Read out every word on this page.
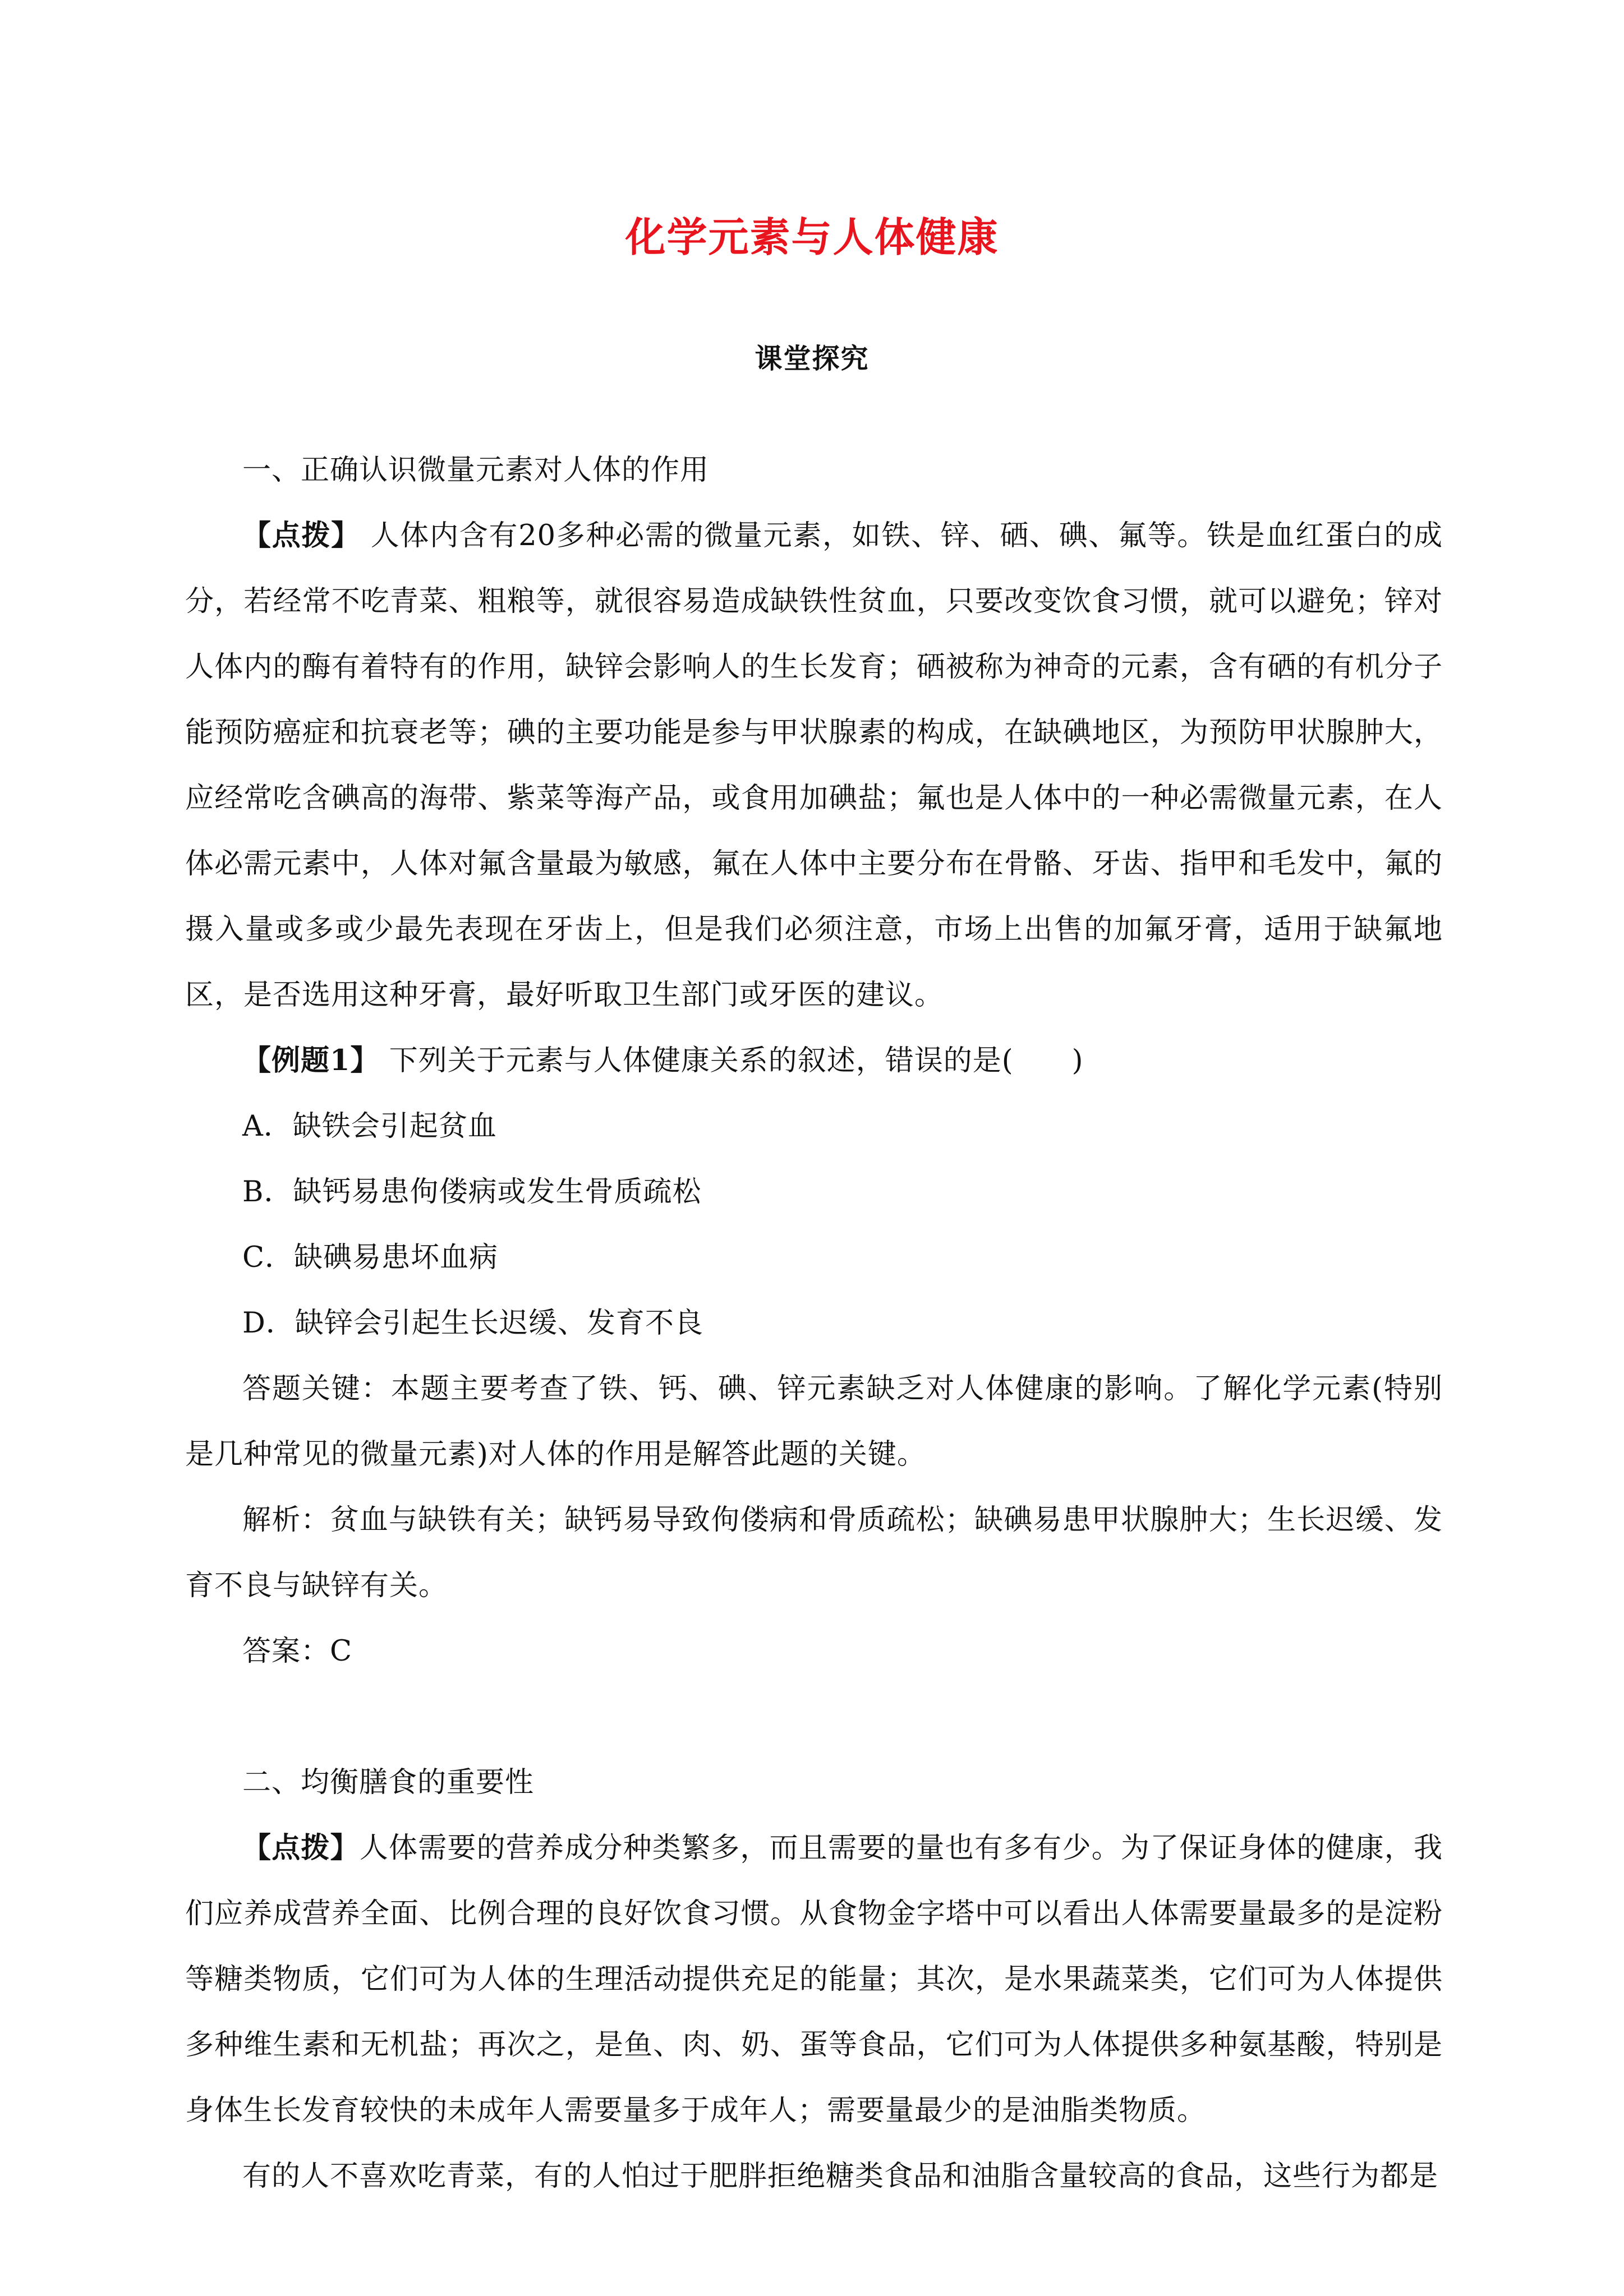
化学元素与人体健康
课堂探究

一、正确认识微量元素对人体的作用

【点拨】 人体内含有20多种必需的微量元素，如铁、锌、硒、碘、氟等。铁是血红蛋白的成分，若经常不吃青菜、粗粮等，就很容易造成缺铁性贫血，只要改变饮食习惯，就可以避免；锌对人体内的酶有着特有的作用，缺锌会影响人的生长发育；硒被称为神奇的元素，含有硒的有机分子能预防癌症和抗衰老等；碘的主要功能是参与甲状腺素的构成，在缺碘地区，为预防甲状腺肿大，应经常吃含碘高的海带、紫菜等海产品，或食用加碘盐；氟也是人体中的一种必需微量元素，在人体必需元素中，人体对氟含量最为敏感，氟在人体中主要分布在骨骼、牙齿、指甲和毛发中，氟的摄入量或多或少最先表现在牙齿上，但是我们必须注意，市场上出售的加氟牙膏，适用于缺氟地区，是否选用这种牙膏，最好听取卫生部门或牙医的建议。

【例题1】 下列关于元素与人体健康关系的叙述，错误的是(　　)

A．缺铁会引起贫血

B．缺钙易患佝偻病或发生骨质疏松

C．缺碘易患坏血病

D．缺锌会引起生长迟缓、发育不良

答题关键：本题主要考查了铁、钙、碘、锌元素缺乏对人体健康的影响。了解化学元素(特别是几种常见的微量元素)对人体的作用是解答此题的关键。

解析：贫血与缺铁有关；缺钙易导致佝偻病和骨质疏松；缺碘易患甲状腺肿大；生长迟缓、发育不良与缺锌有关。

答案：C

二、均衡膳食的重要性

【点拨】人体需要的营养成分种类繁多，而且需要的量也有多有少。为了保证身体的健康，我们应养成营养全面、比例合理的良好饮食习惯。从食物金字塔中可以看出人体需要量最多的是淀粉等糖类物质，它们可为人体的生理活动提供充足的能量；其次，是水果蔬菜类，它们可为人体提供多种维生素和无机盐；再次之，是鱼、肉、奶、蛋等食品，它们可为人体提供多种氨基酸，特别是身体生长发育较快的未成年人需要量多于成年人；需要量最少的是油脂类物质。

有的人不喜欢吃青菜，有的人怕过于肥胖拒绝糖类食品和油脂含量较高的食品，这些行为都是
